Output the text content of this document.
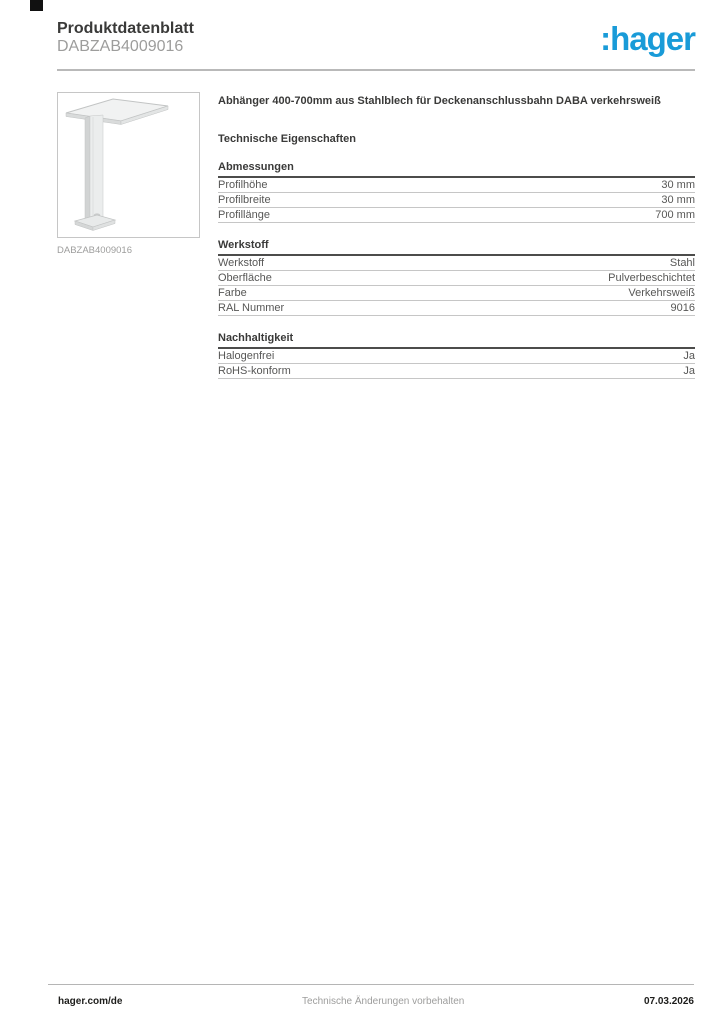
Produktdatenblatt
DABZAB4009016	:hager
DABZAB4009016

Abhänger 400-700mm aus Stahlblech für Deckenanschlussbahn DABA verkehrsweiß

Technische Eigenschaften
Abmessungen
Profilhöhe	30 mm
Profilbreite	30 mm
Profillänge	700 mm
Werkstoff
Werkstoff	Stahl
Oberfläche	Pulverbeschichtet
Farbe	Verkehrsweiß
RAL Nummer	9016
Nachhaltigkeit
Halogenfrei	Ja
RoHS-konform	Ja
hager.com/de	Technische Änderungen vorbehalten	07.03.2026
